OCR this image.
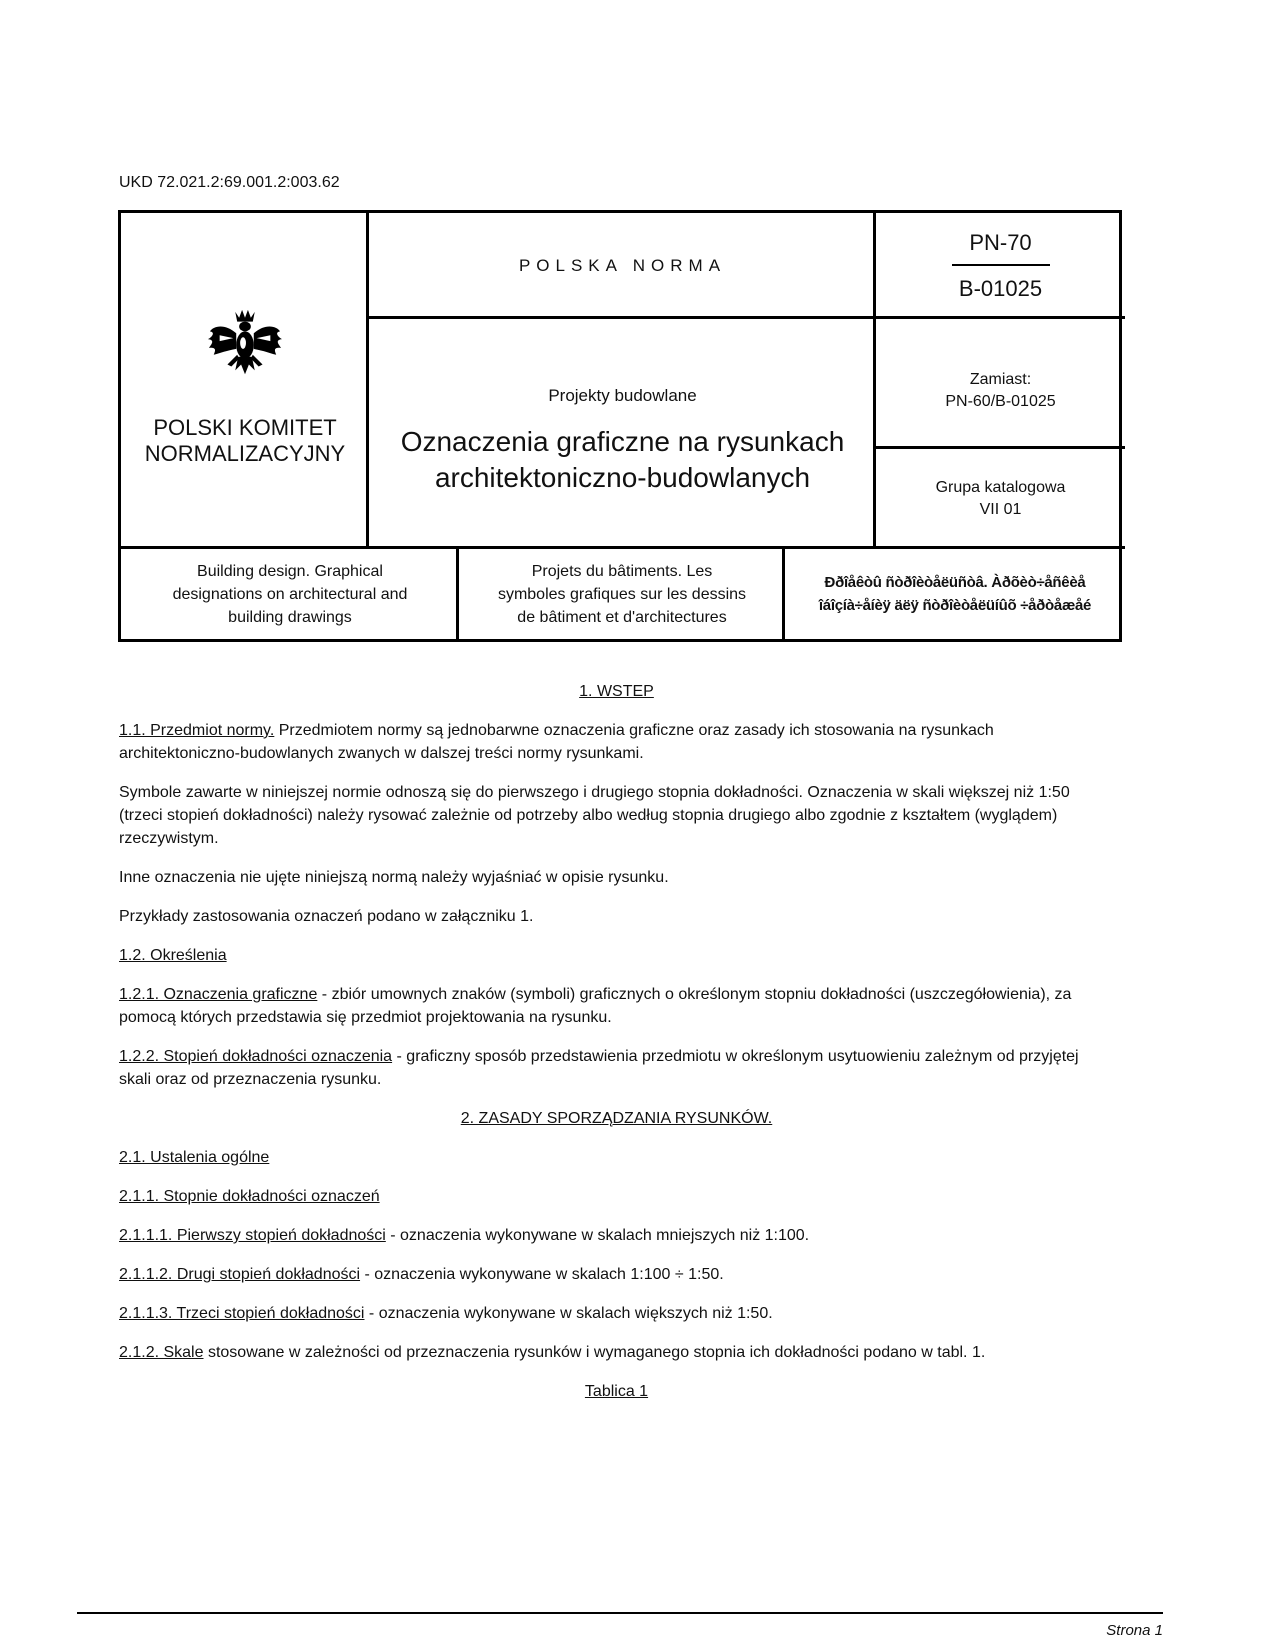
UKD 72.021.2:69.001.2:003.62
POLSKI KOMITET
NORMALIZACYJNY
POLSKA NORMA
Projekty budowlane
Oznaczenia graficzne na rysunkach
architektoniczno-budowlanych
PN-70
B-01025
Zamiast:
PN-60/B-01025
Grupa katalogowa
VII 01
Building design. Graphical
designations on architectural and
building drawings
Projets du bâtiments. Les
symboles grafiques sur les dessins
de bâtiment et d'architectures
Ððîåêòû ñòðîèòåëüñòâ. Àðõèò÷åñêèå
îáîçíà÷åíèÿ äëÿ ñòðîèòåëüíûõ ÷åðòåæåé

1. WSTEP

1.1. Przedmiot normy. Przedmiotem normy są jednobarwne oznaczenia graficzne oraz zasady ich stosowania na rysunkach architektoniczno-budowlanych zwanych w dalszej treści normy rysunkami.

Symbole zawarte w niniejszej normie odnoszą się do pierwszego i drugiego stopnia dokładności. Oznaczenia w skali większej niż 1:50 (trzeci stopień dokładności) należy rysować zależnie od potrzeby albo według stopnia drugiego albo zgodnie z kształtem (wyglądem) rzeczywistym.

Inne oznaczenia nie ujęte niniejszą normą należy wyjaśniać w opisie rysunku.

Przykłady zastosowania oznaczeń podano w załączniku 1.

1.2. Określenia

1.2.1. Oznaczenia graficzne - zbiór umownych znaków (symboli) graficznych o określonym stopniu dokładności (uszczegółowienia), za pomocą których przedstawia się przedmiot projektowania na rysunku.

1.2.2. Stopień dokładności oznaczenia - graficzny sposób przedstawienia przedmiotu w określonym usytuowieniu zależnym od przyjętej skali oraz od przeznaczenia rysunku.

2. ZASADY SPORZĄDZANIA RYSUNKÓW.

2.1. Ustalenia ogólne

2.1.1. Stopnie dokładności oznaczeń

2.1.1.1. Pierwszy stopień dokładności - oznaczenia wykonywane w skalach mniejszych niż 1:100.

2.1.1.2. Drugi stopień dokładności - oznaczenia wykonywane w skalach 1:100 ÷ 1:50.

2.1.1.3. Trzeci stopień dokładności - oznaczenia wykonywane w skalach większych niż 1:50.

2.1.2. Skale stosowane w zależności od przeznaczenia rysunków i wymaganego stopnia ich dokładności podano w tabl. 1.

Tablica 1

Strona 1
